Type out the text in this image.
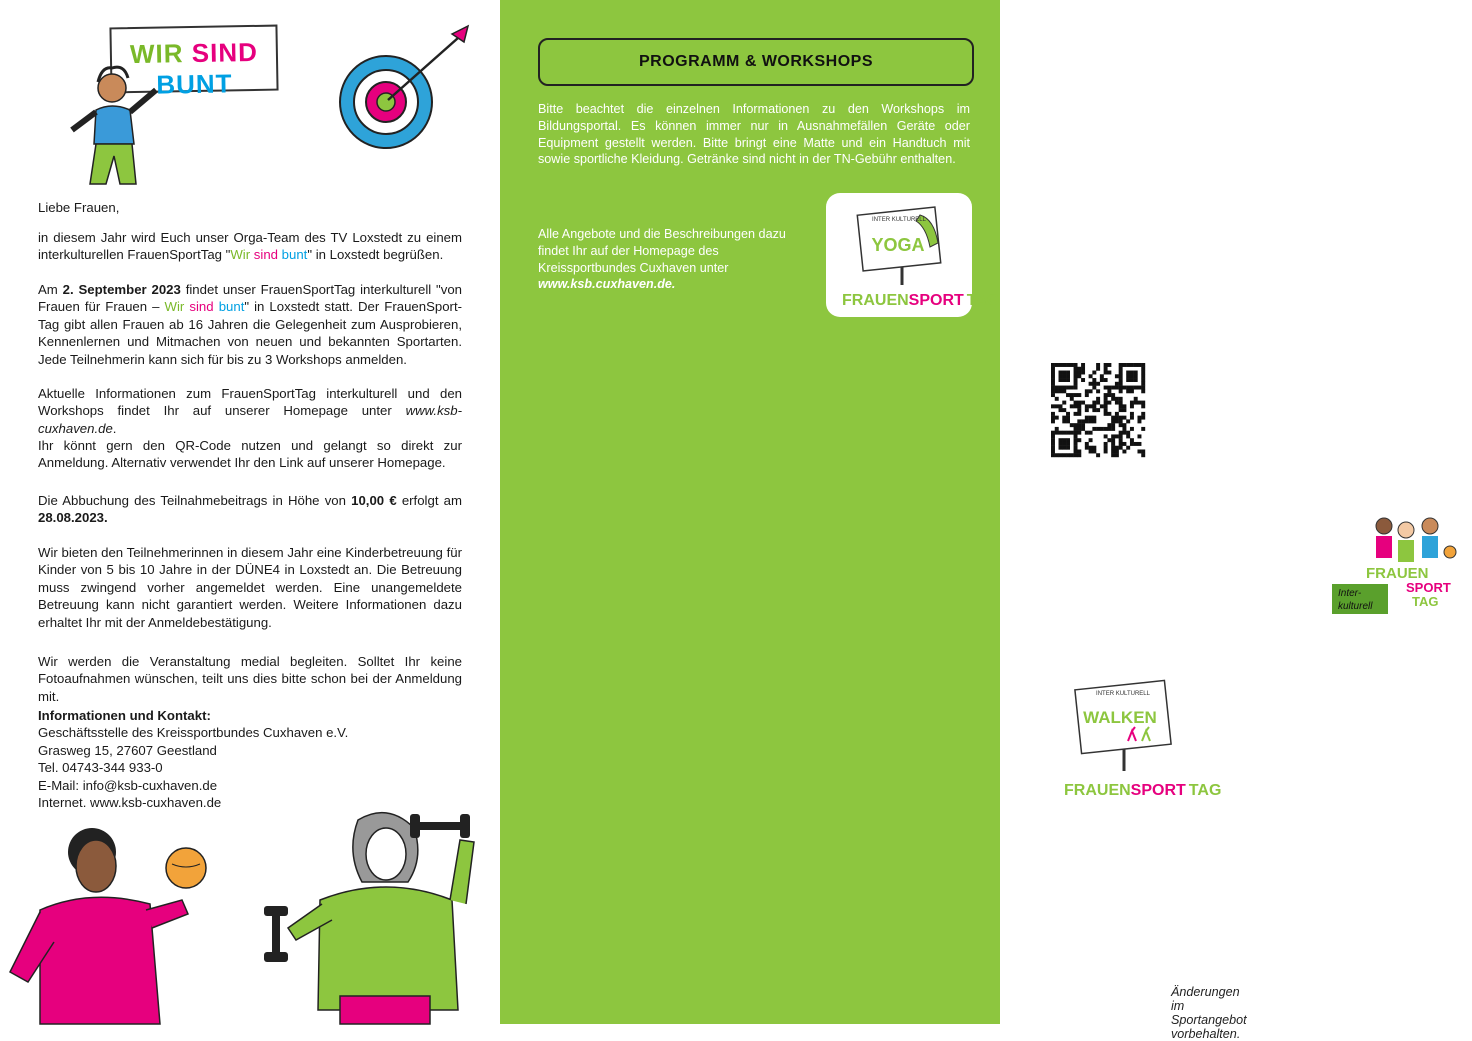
WIR SIND BUNT

Liebe Frauen,

in diesem Jahr wird Euch unser Orga-Team des TV Loxstedt zu einem interkulturellen FrauenSportTag "Wir sind bunt" in Loxstedt begrüßen.

Am 2. September 2023 findet unser FrauenSportTag interkulturell "von Frauen für Frauen – Wir sind bunt" in Loxstedt statt. Der FrauenSport-Tag gibt allen Frauen ab 16 Jahren die Gelegenheit zum Ausprobieren, Kennenlernen und Mitmachen von neuen und bekannten Sportarten. Jede Teilnehmerin kann sich für bis zu 3 Workshops anmelden.

Aktuelle Informationen zum FrauenSportTag interkulturell und den Workshops findet Ihr auf unserer Homepage unter www.ksb-cuxhaven.de.

Ihr könnt gern den QR-Code nutzen und gelangt so direkt zur Anmeldung. Alternativ verwendet Ihr den Link auf unserer Homepage.

Die Abbuchung des Teilnahmebeitrags in Höhe von 10,00 € erfolgt am 28.08.2023.

Wir bieten den Teilnehmerinnen in diesem Jahr eine Kinderbetreuung für Kinder von 5 bis 10 Jahre in der DÜNE4 in Loxstedt an. Die Betreuung muss zwingend vorher angemeldet werden. Eine unangemeldete Betreuung kann nicht garantiert werden. Weitere Informationen dazu erhaltet Ihr mit der Anmeldebestätigung.

Wir werden die Veranstaltung medial begleiten. Solltet Ihr keine Fotoaufnahmen wünschen, teilt uns dies bitte schon bei der Anmeldung mit.

Informationen und Kontakt:
Geschäftsstelle des Kreissportbundes Cuxhaven e.V.
Grasweg 15, 27607 Geestland
Tel. 04743-344 933-0
E-Mail: info@ksb-cuxhaven.de
Internet. www.ksb-cuxhaven.de
PROGRAMM & WORKSHOPS

Bitte beachtet die einzelnen Informationen zu den Workshops im Bildungsportal. Es können immer nur in Ausnahmefällen Geräte oder Equipment gestellt werden. Bitte bringt eine Matte und ein Handtuch mit sowie sportliche Kleidung. Getränke sind nicht in der TN-Gebühr enthalten.

Alle Angebote und die Beschreibungen dazu findet Ihr auf der Homepage des Kreissportbundes Cuxhaven unter www.ksb.cuxhaven.de.

INTER KULTURELL
YOGA
FRAUENSPORT TAG

Über diesen QR-Code kommt Ihr zu unserem Angebot im Bildungsportal des LandesSportBundes. Wählt max. 3 Workshops aus. Anschließend füllt Ihr die Anmeldung vollständig aus. Ihr erhaltet dann von uns eine Anmeldebestätigung.

Wir haben in diesem Jahr eine Kinderbetreuung im Angebot. Bitte meldet diesen Bedarf unbedingt vorher an.
Eine Unterstützung kann nur bei Anmeldung garantiert werden. Die Unterbringung erfolgt in der DÜNE4 in Loxstedt.

FRAUEN
SPORT
TAG
Inter-
kulturell
INTER KULTURELL
WALKEN
FRAUENSPORT TAG

Unsere Mittagspause findet in der Pausenhalle der Grundschule Loxstedt statt.
Mit Unterstützung eines Caterers werden wir für alle einen kleinen internationalen Imbiss anbieten. Ihr habt dort auch die Möglichkeit eigene Speisen zu Euch zu nehmen.
Die Landfrauen bieten nachmittags wieder selbstgebackenen Kuchen und Kaffee gegen Gebühr an.

Teilnahmegebühr 10,00 €. Diese ist ausschließlich durch eine einmalige Einzugsermächtigung zu entrichten. Halbe Tage ohne Essen können aus organisatorischen Gründen nicht umgesetzt werden. Eine kostenfreie Abmeldung kann nur bis zum 24.08.2023 gewährleistet werden.

Illustrationen: Hermann Grams
Änderungen im Sportangebot vorbehalten.
